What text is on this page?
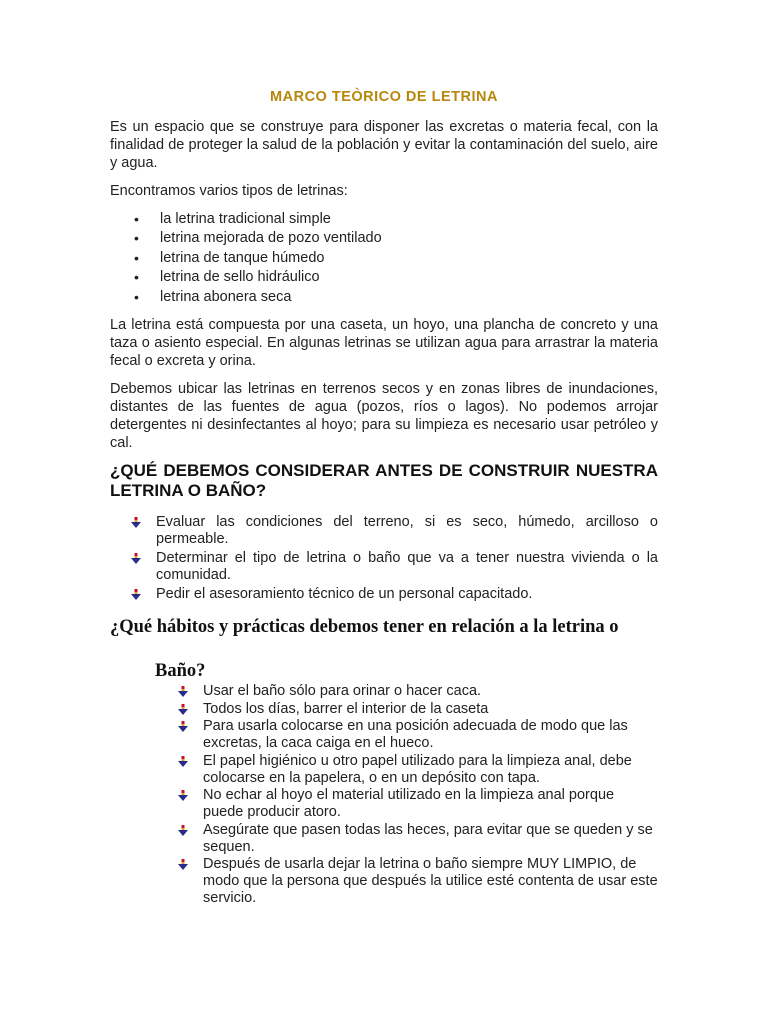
MARCO TEÒRICO DE LETRINA

Es un espacio que se construye para disponer las excretas o materia fecal, con la finalidad de proteger la salud de la población y evitar la contaminación del suelo, aire y agua.

Encontramos varios tipos de letrinas:

• la letrina tradicional simple
• letrina mejorada de pozo ventilado
• letrina de tanque húmedo
• letrina de sello hidráulico
• letrina abonera seca

La letrina está compuesta por una caseta, un hoyo, una plancha de concreto y una taza o asiento especial. En algunas letrinas se utilizan agua para arrastrar la materia fecal o excreta y orina.

Debemos ubicar las letrinas en terrenos secos y en zonas libres de inundaciones, distantes de las fuentes de agua (pozos, ríos o lagos). No podemos arrojar detergentes ni desinfectantes al hoyo; para su limpieza es necesario usar petróleo y cal.

¿QUÉ DEBEMOS CONSIDERAR ANTES DE CONSTRUIR NUESTRA LETRINA O BAÑO?

Evaluar las condiciones del terreno, si es seco, húmedo, arcilloso o permeable.
Determinar el tipo de letrina o baño que va a tener nuestra vivienda o la comunidad.
Pedir el asesoramiento técnico de un personal capacitado.

¿Qué hábitos y prácticas debemos tener en relación a la letrina o

Baño?

Usar el baño sólo para orinar o hacer caca.
Todos los días, barrer el interior de la caseta
Para usarla colocarse en una posición adecuada de modo que las excretas, la caca caiga en el hueco.
El papel higiénico u otro papel utilizado para la limpieza anal, debe colocarse en la papelera, o en un depósito con tapa.
No echar al hoyo el material utilizado en la limpieza anal porque puede producir atoro.
Asegúrate que pasen todas las heces, para evitar que se queden y se sequen.
Después de usarla dejar la letrina o baño siempre MUY LIMPIO, de modo que la persona que después la utilice esté contenta de usar este servicio.
